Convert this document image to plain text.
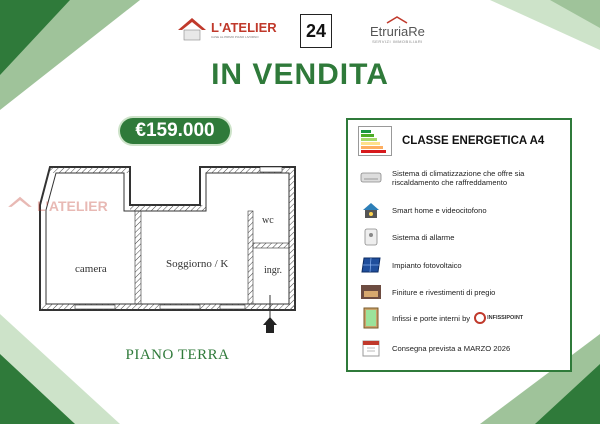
L'ATELIER
CASE AL PRIMO PIANO LIVORNO	24	EtruriaRe
SERVIZI IMMOBILIARI
IN VENDITA
€159.000
camera	Soggiorno / K
wc
ingr.
L'ATELIER
PIANO TERRA
CLASSE ENERGETICA A4
Sistema di climatizzazione che offre sia riscaldamento che raffreddamento
Smart home e videocitofono
Sistema di allarme
Impianto fotovoltaico
Finiture e rivestimenti di pregio
Infissi e porte interni by	INFISSIPOINT
Consegna prevista a MARZO 2026
